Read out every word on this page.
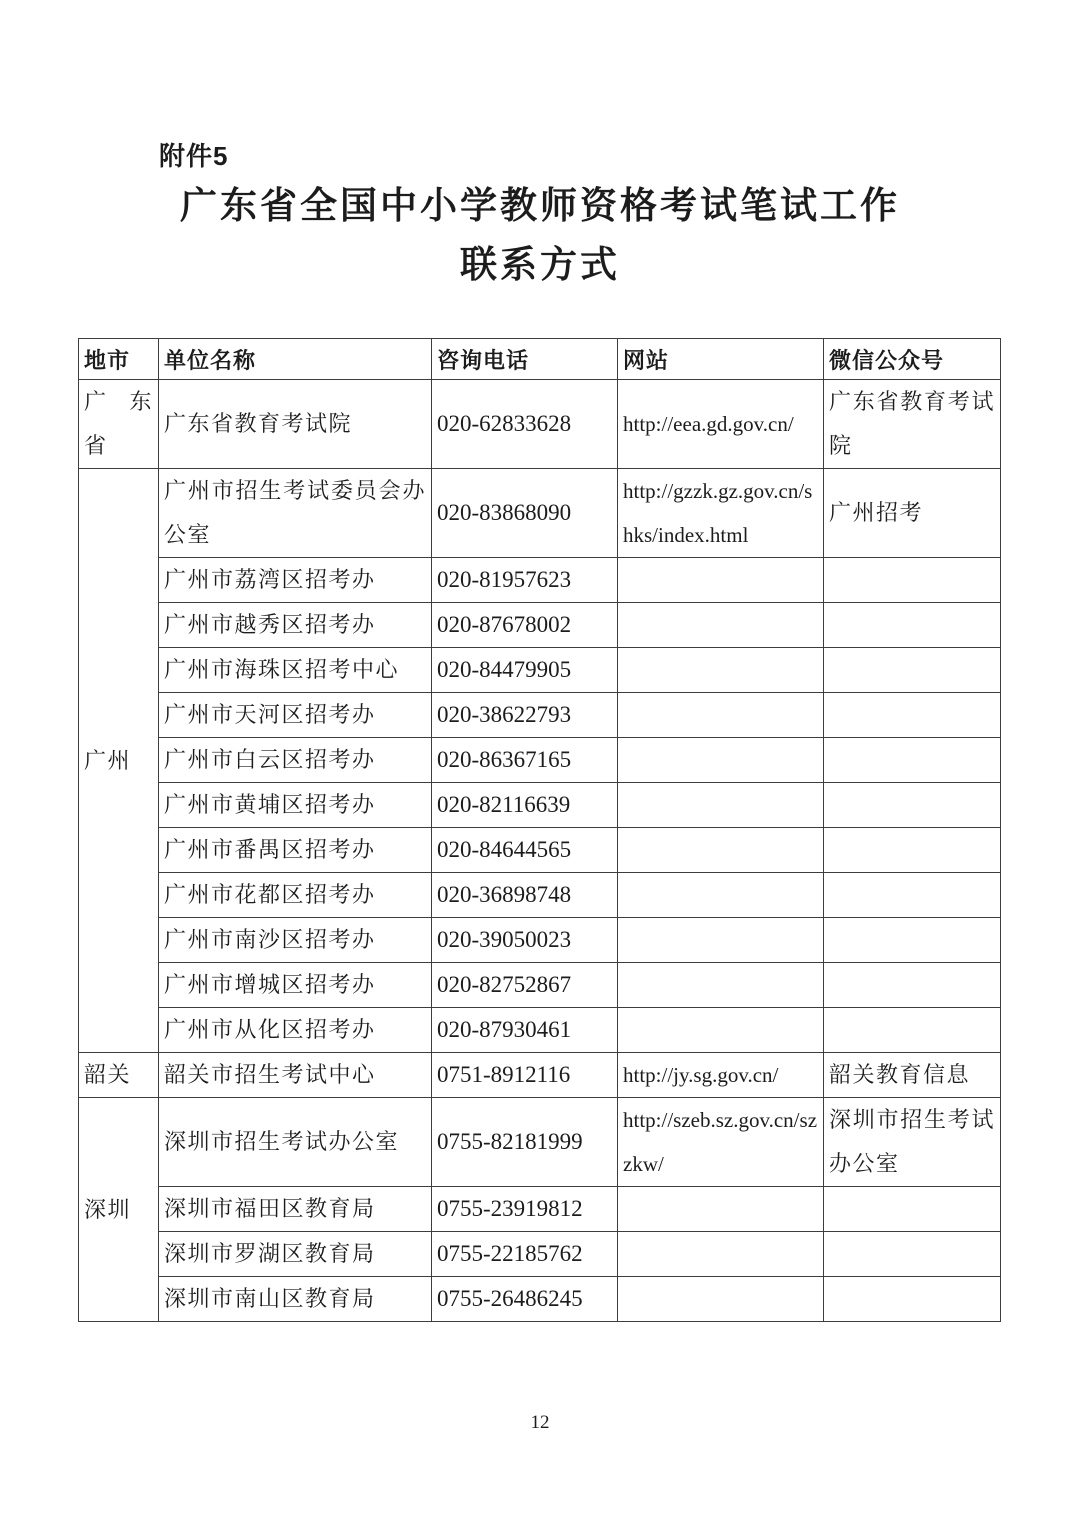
附件5
广东省全国中小学教师资格考试笔试工作
联系方式
地市	单位名称	咨询电话	网站	微信公众号
广东省	广东省教育考试院	020-62833628	http://eea.gd.gov.cn/	广东省教育考试院
广州	广州市招生考试委员会办公室	020-83868090	http://gzzk.gz.gov.cn/shks/index.html	广州招考
	广州市荔湾区招考办	020-81957623		
	广州市越秀区招考办	020-87678002		
	广州市海珠区招考中心	020-84479905		
	广州市天河区招考办	020-38622793		
	广州市白云区招考办	020-86367165		
	广州市黄埔区招考办	020-82116639		
	广州市番禺区招考办	020-84644565		
	广州市花都区招考办	020-36898748		
	广州市南沙区招考办	020-39050023		
	广州市增城区招考办	020-82752867		
	广州市从化区招考办	020-87930461		
韶关	韶关市招生考试中心	0751-8912116	http://jy.sg.gov.cn/	韶关教育信息
深圳	深圳市招生考试办公室	0755-82181999	http://szeb.sz.gov.cn/szzkw/	深圳市招生考试办公室
	深圳市福田区教育局	0755-23919812		
	深圳市罗湖区教育局	0755-22185762		
	深圳市南山区教育局	0755-26486245		
12
